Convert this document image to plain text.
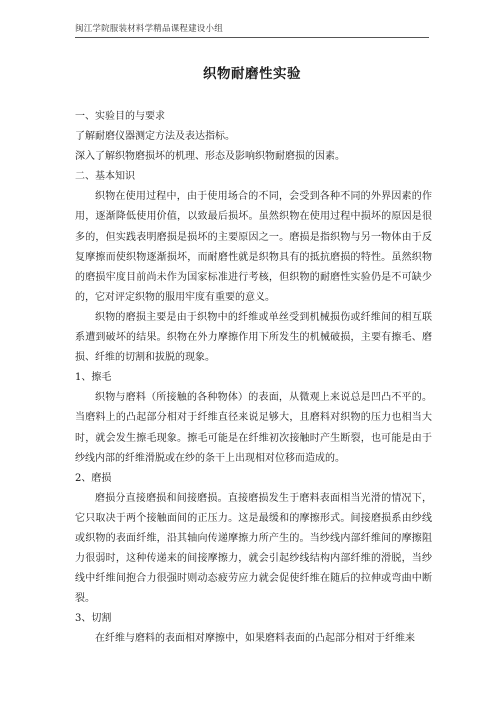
闽江学院服装材料学精品课程建设小组
织物耐磨性实验

一、实验目的与要求

了解耐磨仪器测定方法及表达指标。

深入了解织物磨损坏的机理、形态及影响织物耐磨损的因素。

二、基本知识

织物在使用过程中，由于使用场合的不同，会受到各种不同的外界因素的作用，逐渐降低使用价值，以致最后损坏。虽然织物在使用过程中损坏的原因是很多的，但实践表明磨损是损坏的主要原因之一。磨损是指织物与另一物体由于反复摩擦而使织物逐渐损坏，而耐磨性就是织物具有的抵抗磨损的特性。虽然织物的磨损牢度目前尚未作为国家标准进行考核，但织物的耐磨性实验仍是不可缺少的，它对评定织物的服用牢度有重要的意义。

织物的磨损主要是由于织物中的纤维或单丝受到机械损伤或纤维间的相互联系遭到破坏的结果。织物在外力摩擦作用下所发生的机械破损，主要有擦毛、磨损、纤维的切割和拔脱的现象。

1、擦毛

织物与磨料（所接触的各种物体）的表面，从微观上来说总是凹凸不平的。当磨料上的凸起部分相对于纤维直径来说足够大，且磨料对织物的压力也相当大时，就会发生擦毛现象。擦毛可能是在纤维初次接触时产生断裂，也可能是由于纱线内部的纤维滑脱或在纱的条干上出现相对位移而造成的。

2、磨损

磨损分直接磨损和间接磨损。直接磨损发生于磨料表面相当光滑的情况下，它只取决于两个接触面间的正压力。这是最缓和的摩擦形式。间接磨损系由纱线或织物的表面纤维，沿其轴向传递摩擦力所产生的。当纱线内部纤维间的摩擦阻力很弱时，这种传递来的间接摩擦力，就会引起纱线结构内部纤维的滑脱，当纱线中纤维间抱合力很强时则动态疲劳应力就会促使纤维在随后的拉伸或弯曲中断裂。

3、切割

在纤维与磨料的表面相对摩擦中，如果磨料表面的凸起部分相对于纤维来
